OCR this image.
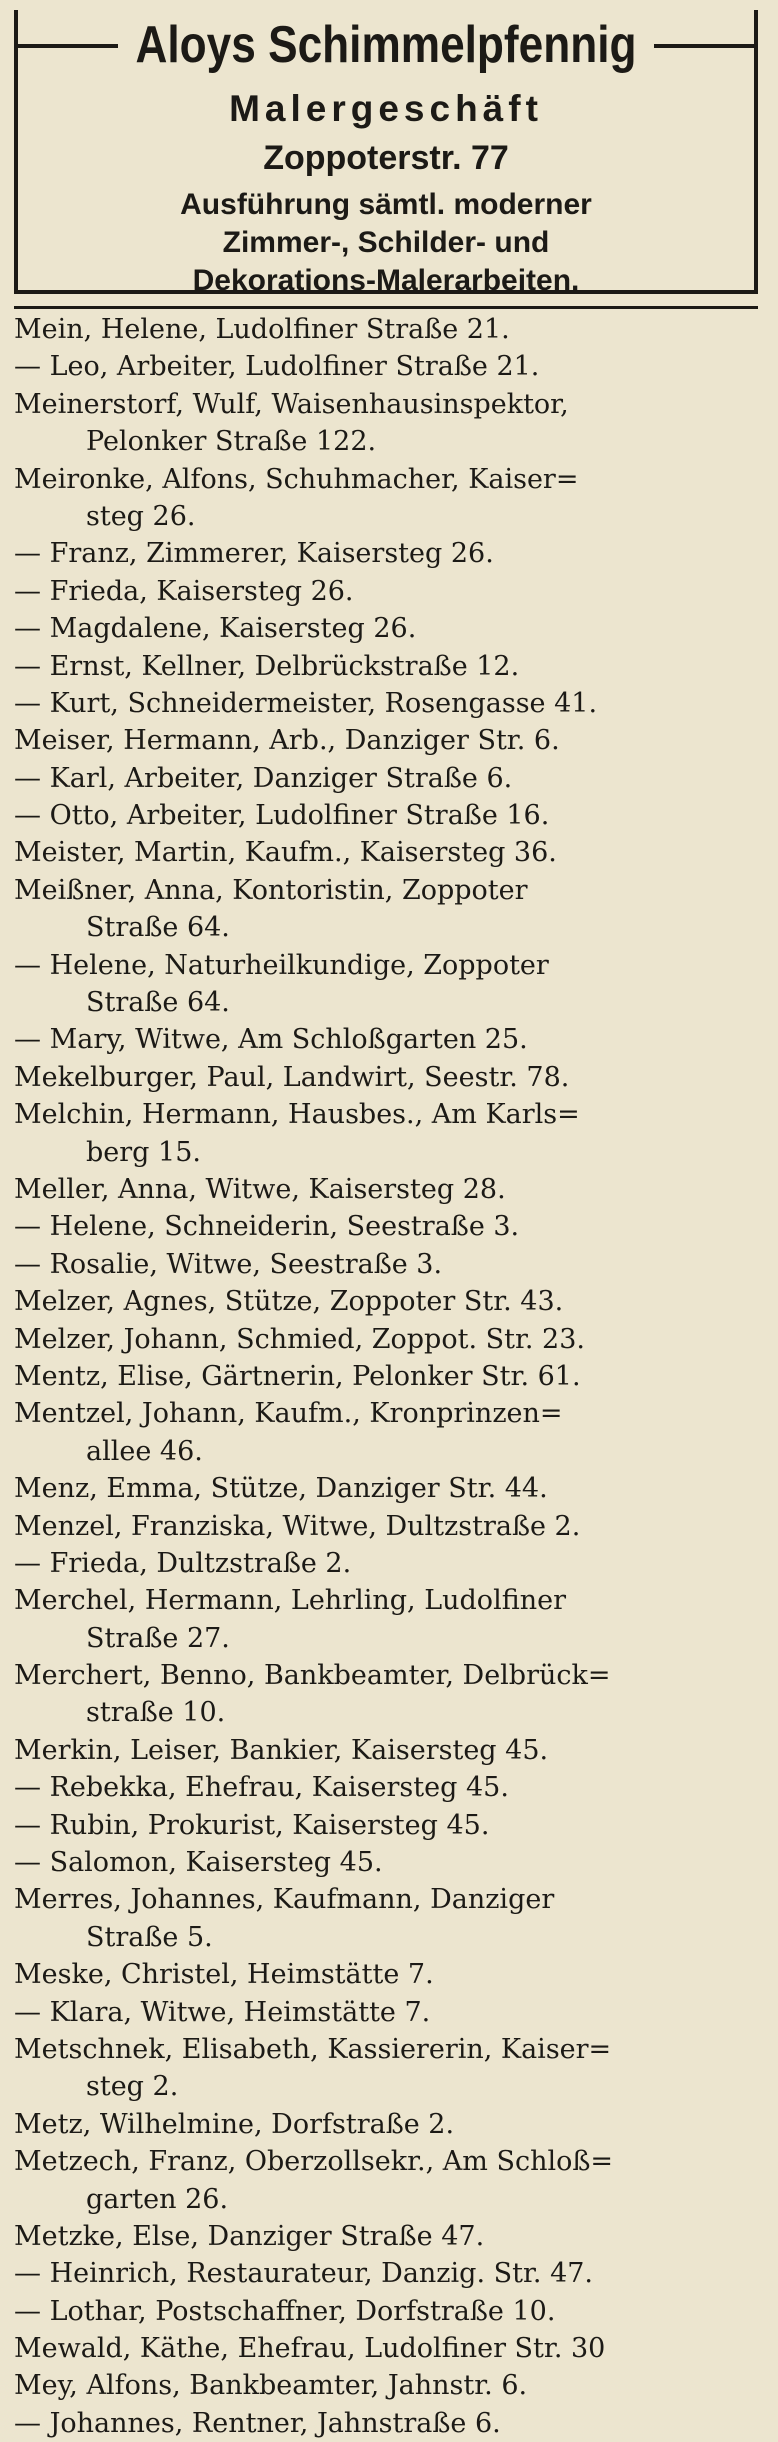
Aloys Schimmelpfennig
Malergeschäft
Zoppoterstr. 77
Ausführung sämtl. moderner
Zimmer-, Schilder- und
Dekorations-Malerarbeiten.
Mein, Helene, Ludolfiner Straße 21.
— Leo, Arbeiter, Ludolfiner Straße 21.
Meinerstorf, Wulf, Waisenhausinspektor,
Pelonker Straße 122.
Meironke, Alfons, Schuhmacher, Kaiser=
steg 26.
— Franz, Zimmerer, Kaisersteg 26.
— Frieda, Kaisersteg 26.
— Magdalene, Kaisersteg 26.
— Ernst, Kellner, Delbrückstraße 12.
— Kurt, Schneidermeister, Rosengasse 41.
Meiser, Hermann, Arb., Danziger Str. 6.
— Karl, Arbeiter, Danziger Straße 6.
— Otto, Arbeiter, Ludolfiner Straße 16.
Meister, Martin, Kaufm., Kaisersteg 36.
Meißner, Anna, Kontoristin, Zoppoter
Straße 64.
— Helene, Naturheilkundige, Zoppoter
Straße 64.
— Mary, Witwe, Am Schloßgarten 25.
Mekelburger, Paul, Landwirt, Seestr. 78.
Melchin, Hermann, Hausbes., Am Karls=
berg 15.
Meller, Anna, Witwe, Kaisersteg 28.
— Helene, Schneiderin, Seestraße 3.
— Rosalie, Witwe, Seestraße 3.
Melzer, Agnes, Stütze, Zoppoter Str. 43.
Melzer, Johann, Schmied, Zoppot. Str. 23.
Mentz, Elise, Gärtnerin, Pelonker Str. 61.
Mentzel, Johann, Kaufm., Kronprinzen=
allee 46.
Menz, Emma, Stütze, Danziger Str. 44.
Menzel, Franziska, Witwe, Dultzstraße 2.
— Frieda, Dultzstraße 2.
Merchel, Hermann, Lehrling, Ludolfiner
Straße 27.
Merchert, Benno, Bankbeamter, Delbrück=
straße 10.
Merkin, Leiser, Bankier, Kaisersteg 45.
— Rebekka, Ehefrau, Kaisersteg 45.
— Rubin, Prokurist, Kaisersteg 45.
— Salomon, Kaisersteg 45.
Merres, Johannes, Kaufmann, Danziger
Straße 5.
Meske, Christel, Heimstätte 7.
— Klara, Witwe, Heimstätte 7.
Metschnek, Elisabeth, Kassiererin, Kaiser=
steg 2.
Metz, Wilhelmine, Dorfstraße 2.
Metzech, Franz, Oberzollsekr., Am Schloß=
garten 26.
Metzke, Else, Danziger Straße 47.
— Heinrich, Restaurateur, Danzig. Str. 47.
— Lothar, Postschaffner, Dorfstraße 10.
Mewald, Käthe, Ehefrau, Ludolfiner Str. 30
Mey, Alfons, Bankbeamter, Jahnstr. 6.
— Johannes, Rentner, Jahnstraße 6.
